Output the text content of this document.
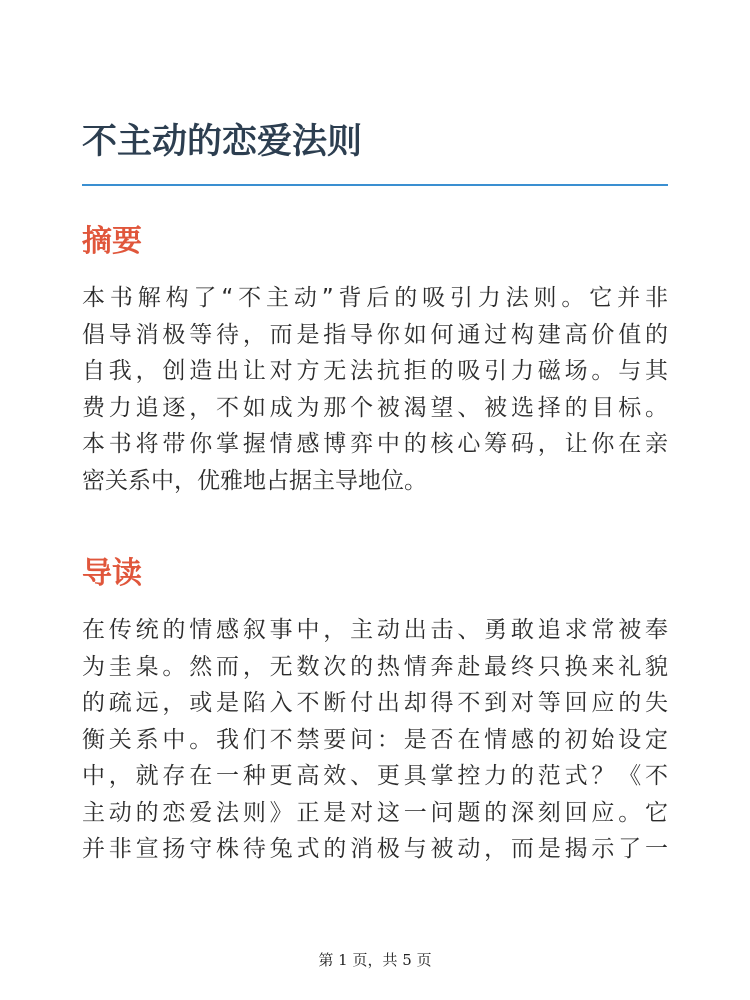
不主动的恋爱法则
摘要
本书解构了“不主动”背后的吸引力法则。它并非
倡导消极等待，而是指导你如何通过构建高价值的
自我，创造出让对方无法抗拒的吸引力磁场。与其
费力追逐，不如成为那个被渴望、被选择的目标。
本书将带你掌握情感博弈中的核心筹码，让你在亲
密关系中，优雅地占据主导地位。
导读
在传统的情感叙事中，主动出击、勇敢追求常被奉
为圭臬。然而，无数次的热情奔赴最终只换来礼貌
的疏远，或是陷入不断付出却得不到对等回应的失
衡关系中。我们不禁要问：是否在情感的初始设定
中，就存在一种更高效、更具掌控力的范式？《不
主动的恋爱法则》正是对这一问题的深刻回应。它
并非宣扬守株待兔式的消极与被动，而是揭示了一
第 1 页，共 5 页
